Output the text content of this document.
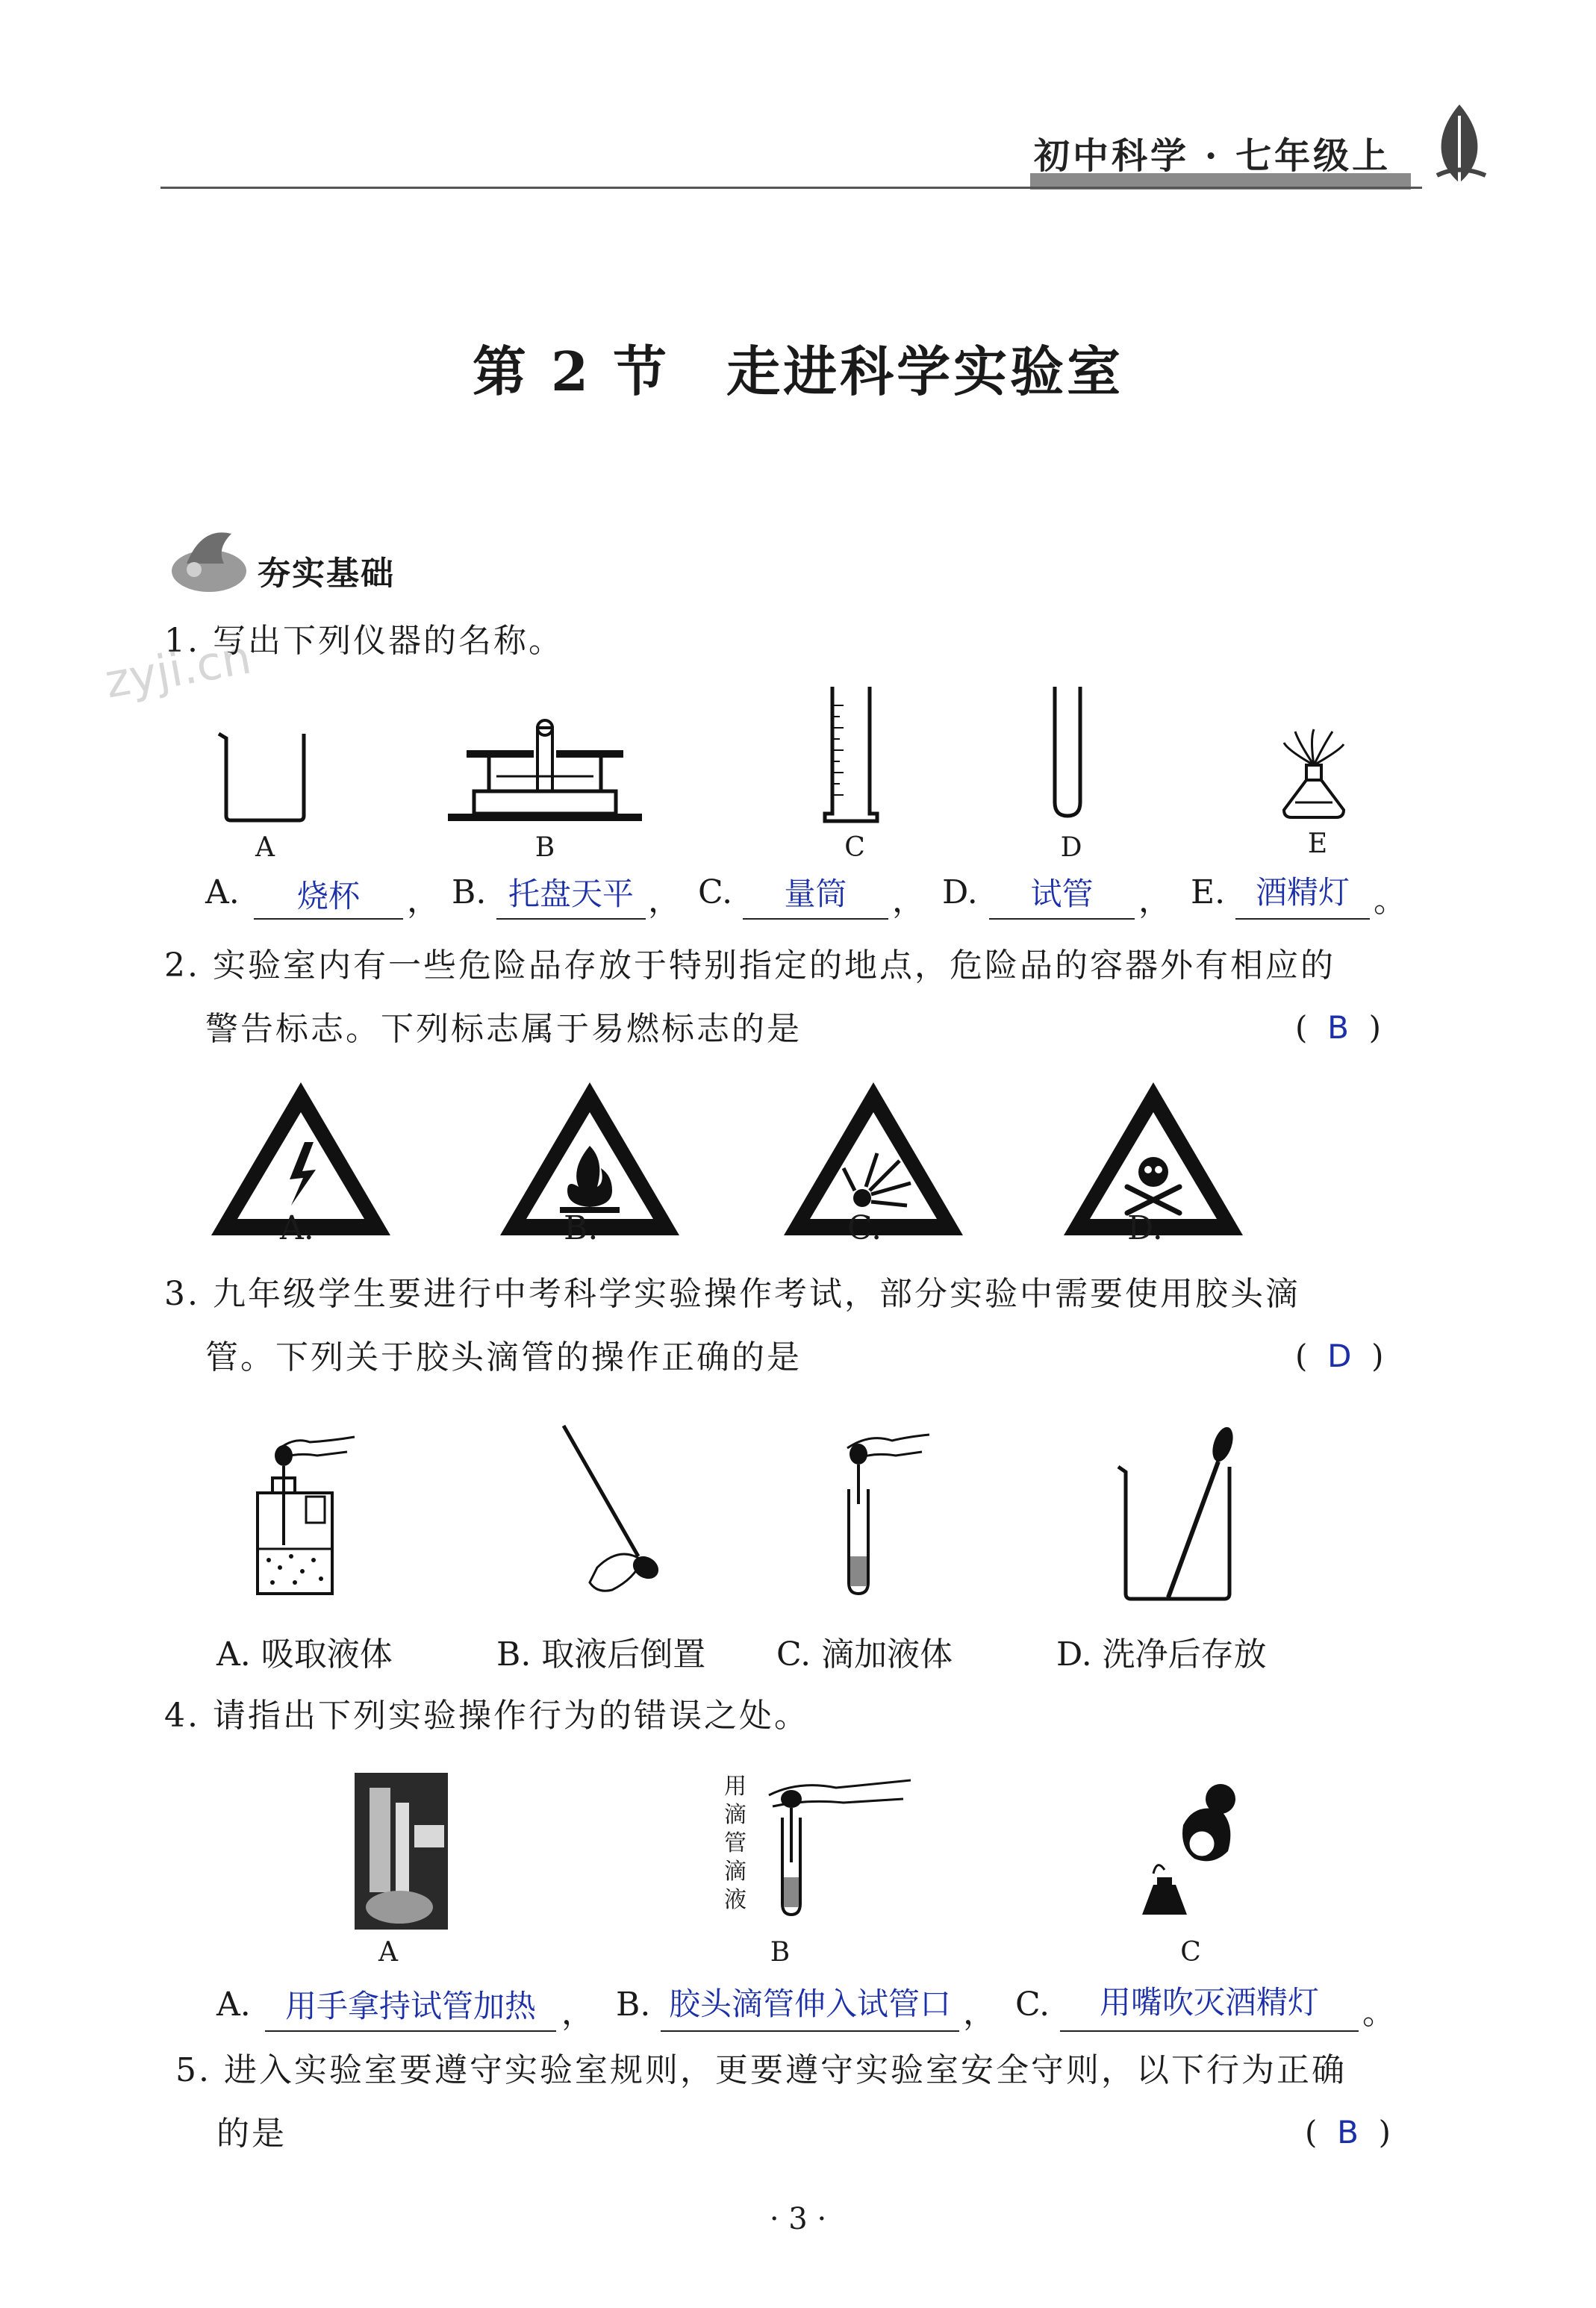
初中科学 · 七年级上
第 2 节　走进科学实验室
夯实基础
zyji.cn
1. 写出下列仪器的名称。
A	B	C	D	E
A.	烧杯	， B. 托盘天平 ， C.	量筒	， D.	试管	， E. 酒精灯 。
2. 实验室内有一些危险品存放于特别指定的地点，危险品的容器外有相应的
警告标志。下列标志属于易燃标志的是	(  B  )
A.	B.	C.	D.
3. 九年级学生要进行中考科学实验操作考试，部分实验中需要使用胶头滴
管。下列关于胶头滴管的操作正确的是	(  D  )
A. 吸取液体	B. 取液后倒置 C. 滴加液体	D. 洗净后存放
4. 请指出下列实验操作行为的错误之处。
用
滴
管
滴
液
A	B	C
A.	用手拿持试管加热 ， B. 胶头滴管伸入试管口 ， C.	用嘴吹灭酒精灯	。
5. 进入实验室要遵守实验室规则，更要遵守实验室安全守则，以下行为正确
的是	(  B  )
· 3 ·
